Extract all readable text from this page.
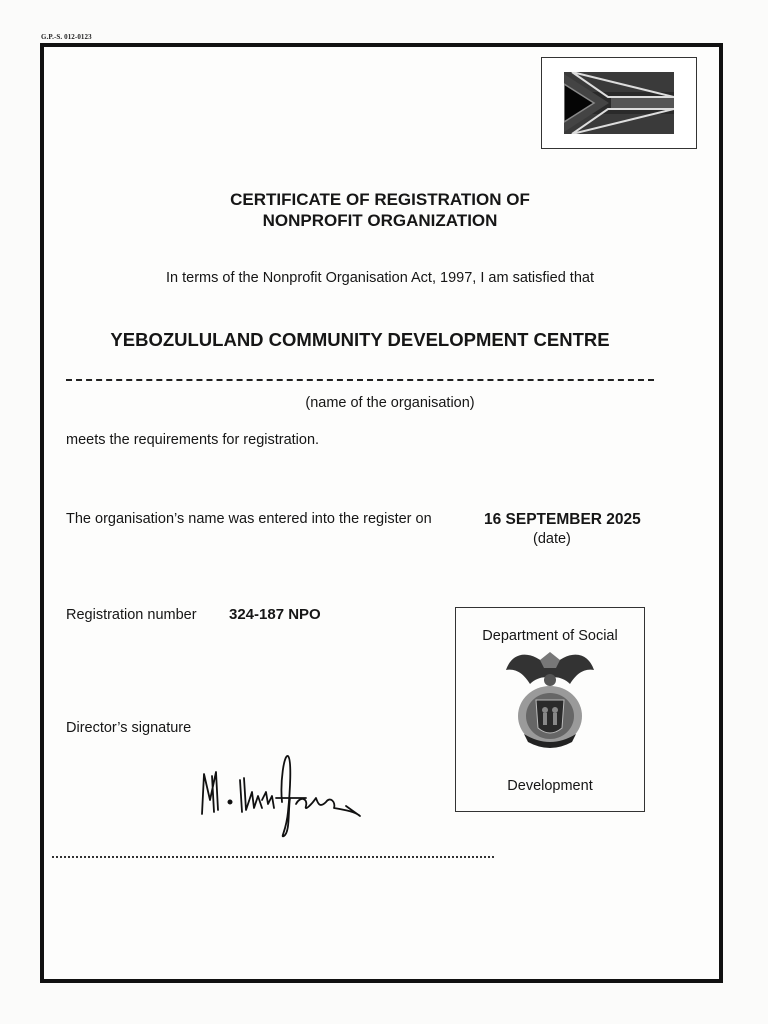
G.P.-S. 012-0123
CERTIFICATE OF REGISTRATION OF
NONPROFIT ORGANIZATION
In terms of the Nonprofit Organisation Act, 1997, I am satisfied that
YEBOZULULAND COMMUNITY DEVELOPMENT CENTRE
(name of the organisation)
meets the requirements for registration.
The organisation’s name was entered into the register on	16 SEPTEMBER 2025
(date)
Registration number 324-187 NPO
Department of Social
Development
Director’s signature
